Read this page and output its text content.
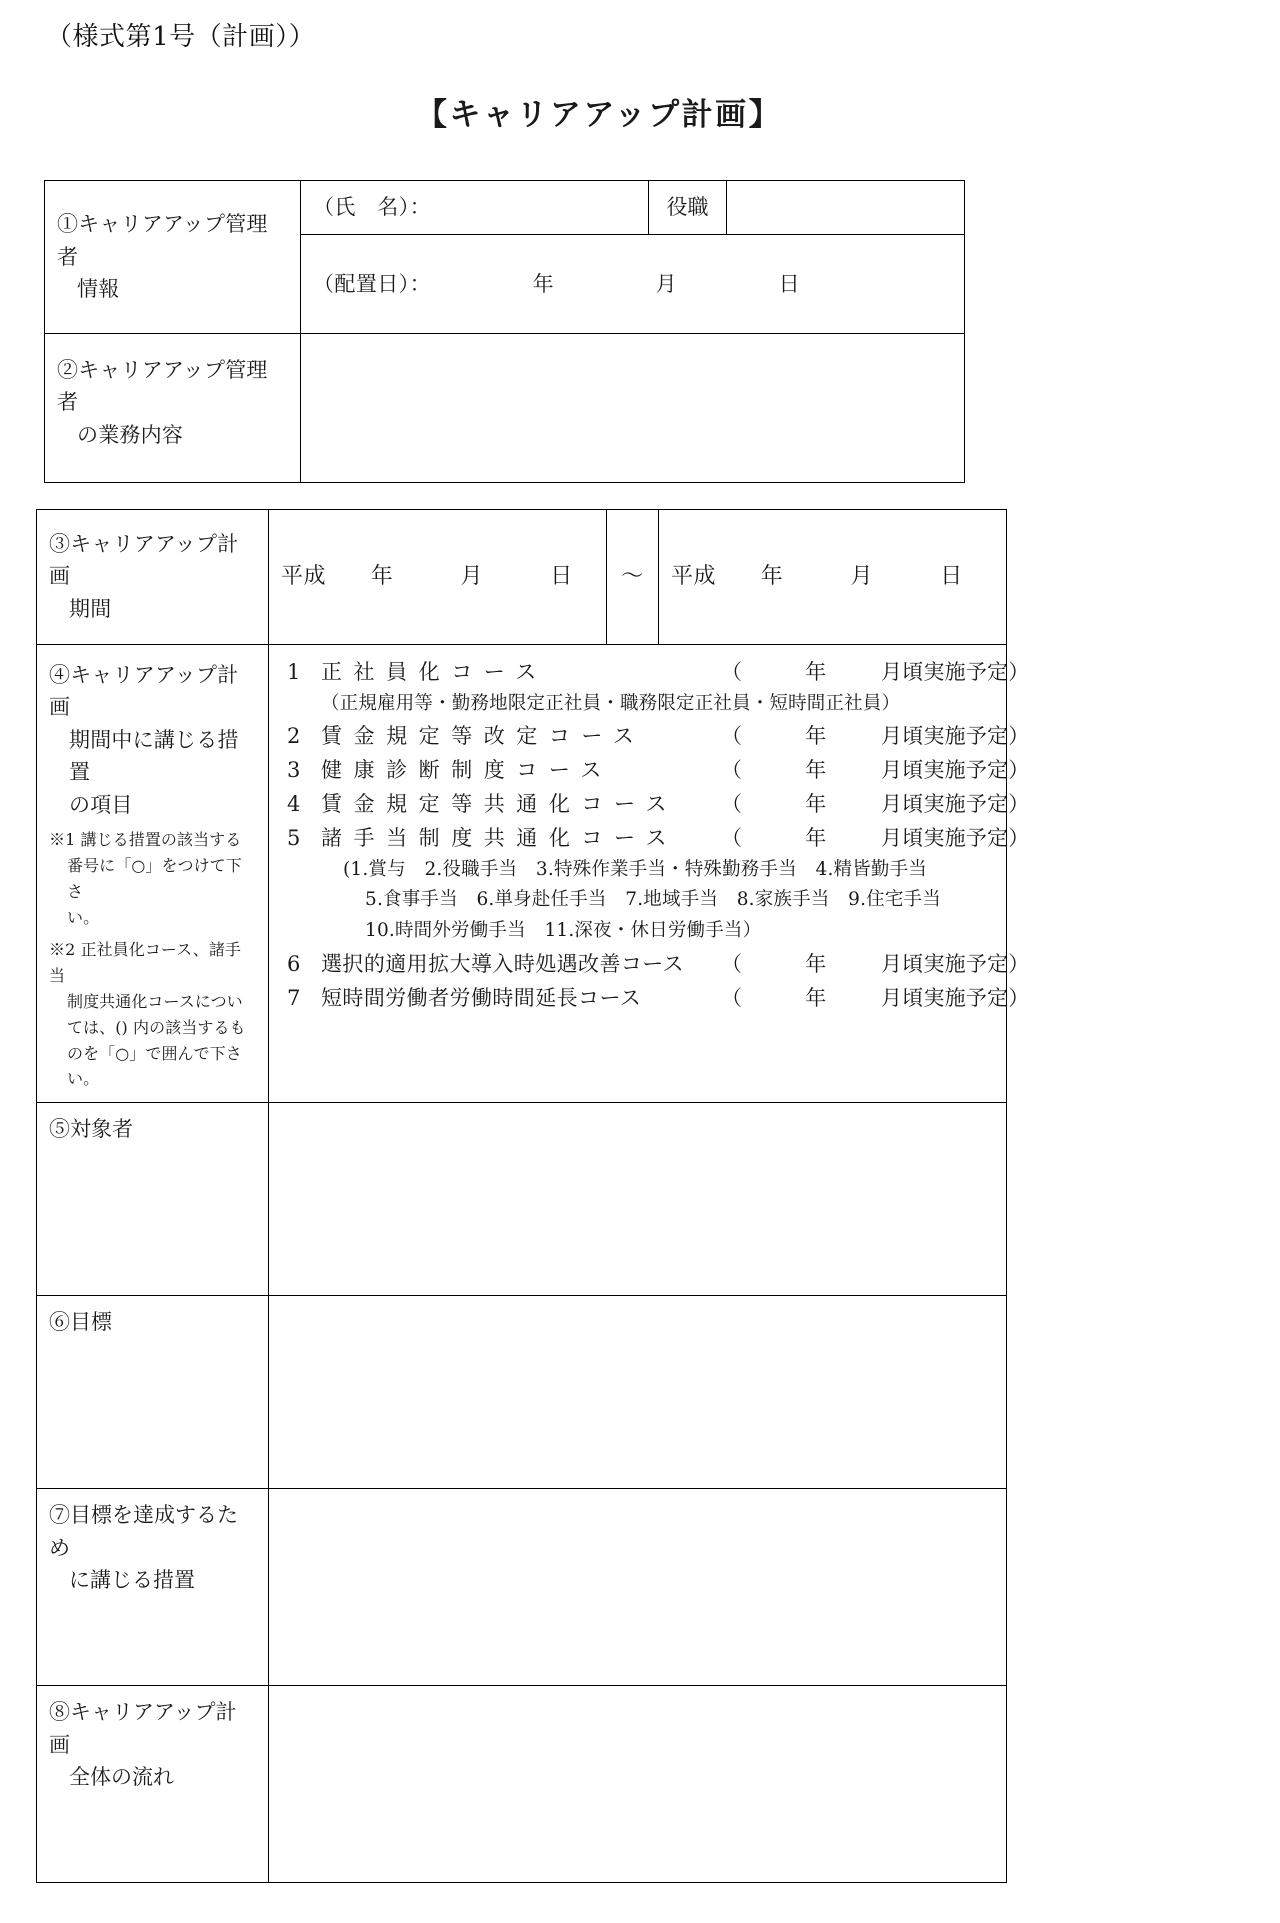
（様式第1号（計画））
【キャリアアップ計画】
①キャリアアップ管理者
情報	（氏　名）：	役職	
	（配置日）： 年 月 日		
②キャリアアップ管理者
の業務内容			

③キャリアアップ計画
期間	平成　　年　　　月　　　日	～	平成　　年　　　月　　　日
④キャリアアップ計画
期間中に講じる措置
の項目
※1 講じる措置の該当する
番号に「○」をつけて下さ
い。
※2 正社員化コース、諸手当
制度共通化コースについ
ては、() 内の該当するも
のを「○」で囲んで下さい。

1 正社員化コース	（	年	月頃実施予定）
（正規雇用等・勤務地限定正社員・職務限定正社員・短時間正社員）
2 賃金規定等改定コース	（	年	月頃実施予定）
3 健康診断制度コース	（	年	月頃実施予定）
4 賃金規定等共通化コース	（	年	月頃実施予定）
5 諸手当制度共通化コース	（	年	月頃実施予定）
(1.賞与　2.役職手当　3.特殊作業手当・特殊勤務手当　4.精皆勤手当
5.食事手当　6.単身赴任手当　7.地域手当　8.家族手当　9.住宅手当
10.時間外労働手当　11.深夜・休日労働手当）
6 選択的適用拡大導入時処遇改善コース	（	年	月頃実施予定）
7 短時間労働者労働時間延長コース	（	年	月頃実施予定）

⑤対象者			
⑥目標			
⑦目標を達成するため
に講じる措置			

⑧キャリアアップ計画
全体の流れ			
